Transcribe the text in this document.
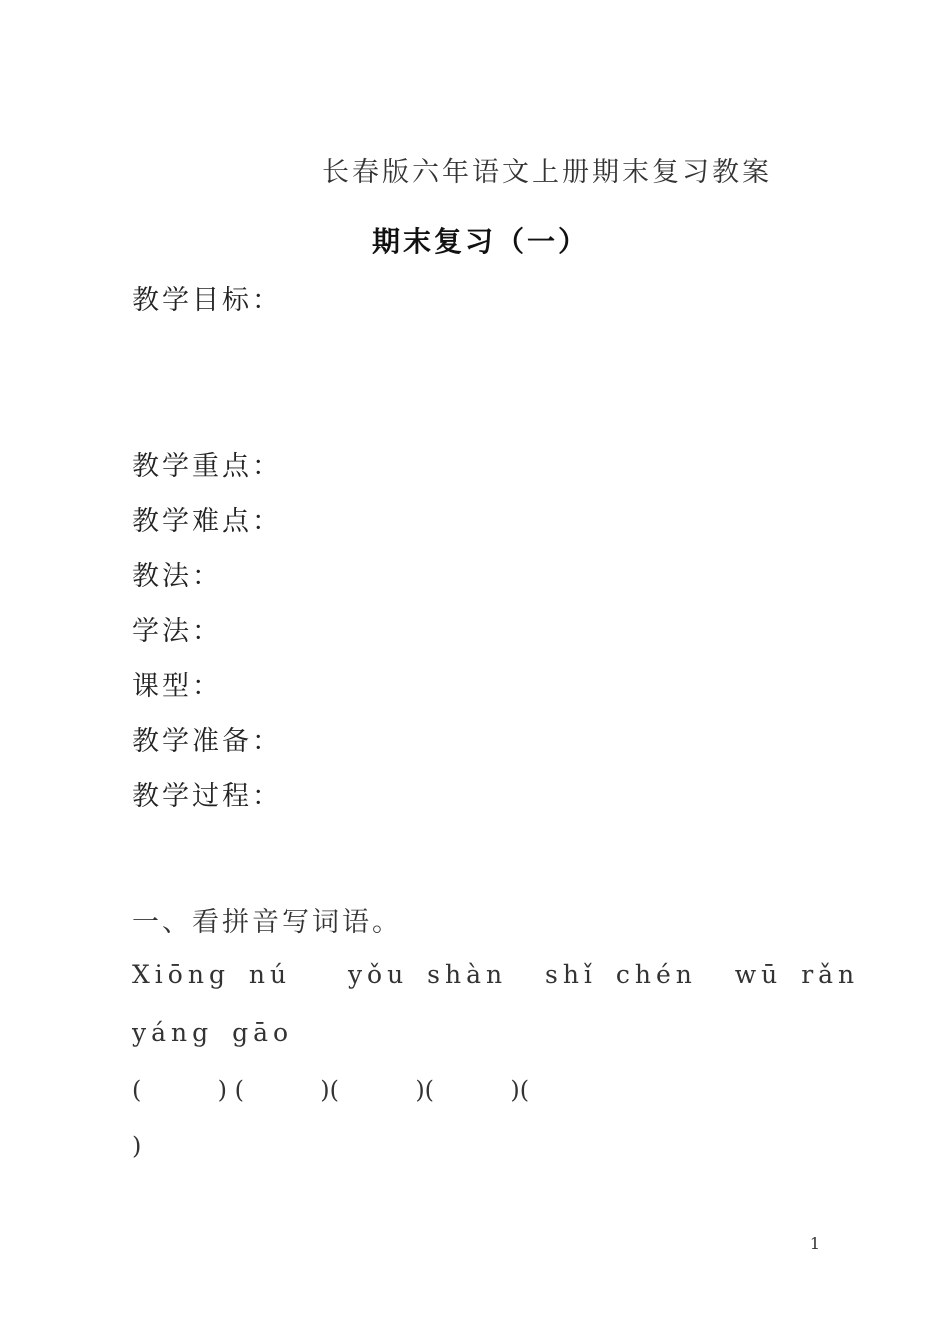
长春版六年语文上册期末复习教案
期末复习（一）
教学目标：
教学重点：
教学难点：
教法：
学法：
课型：
教学准备：
教学过程：
一、看拼音写词语。
Xiōng nú   yǒu shàn  shǐ chén  wū rǎn
yáng gāo
(          ) (          )(          )(          )(
)
1
